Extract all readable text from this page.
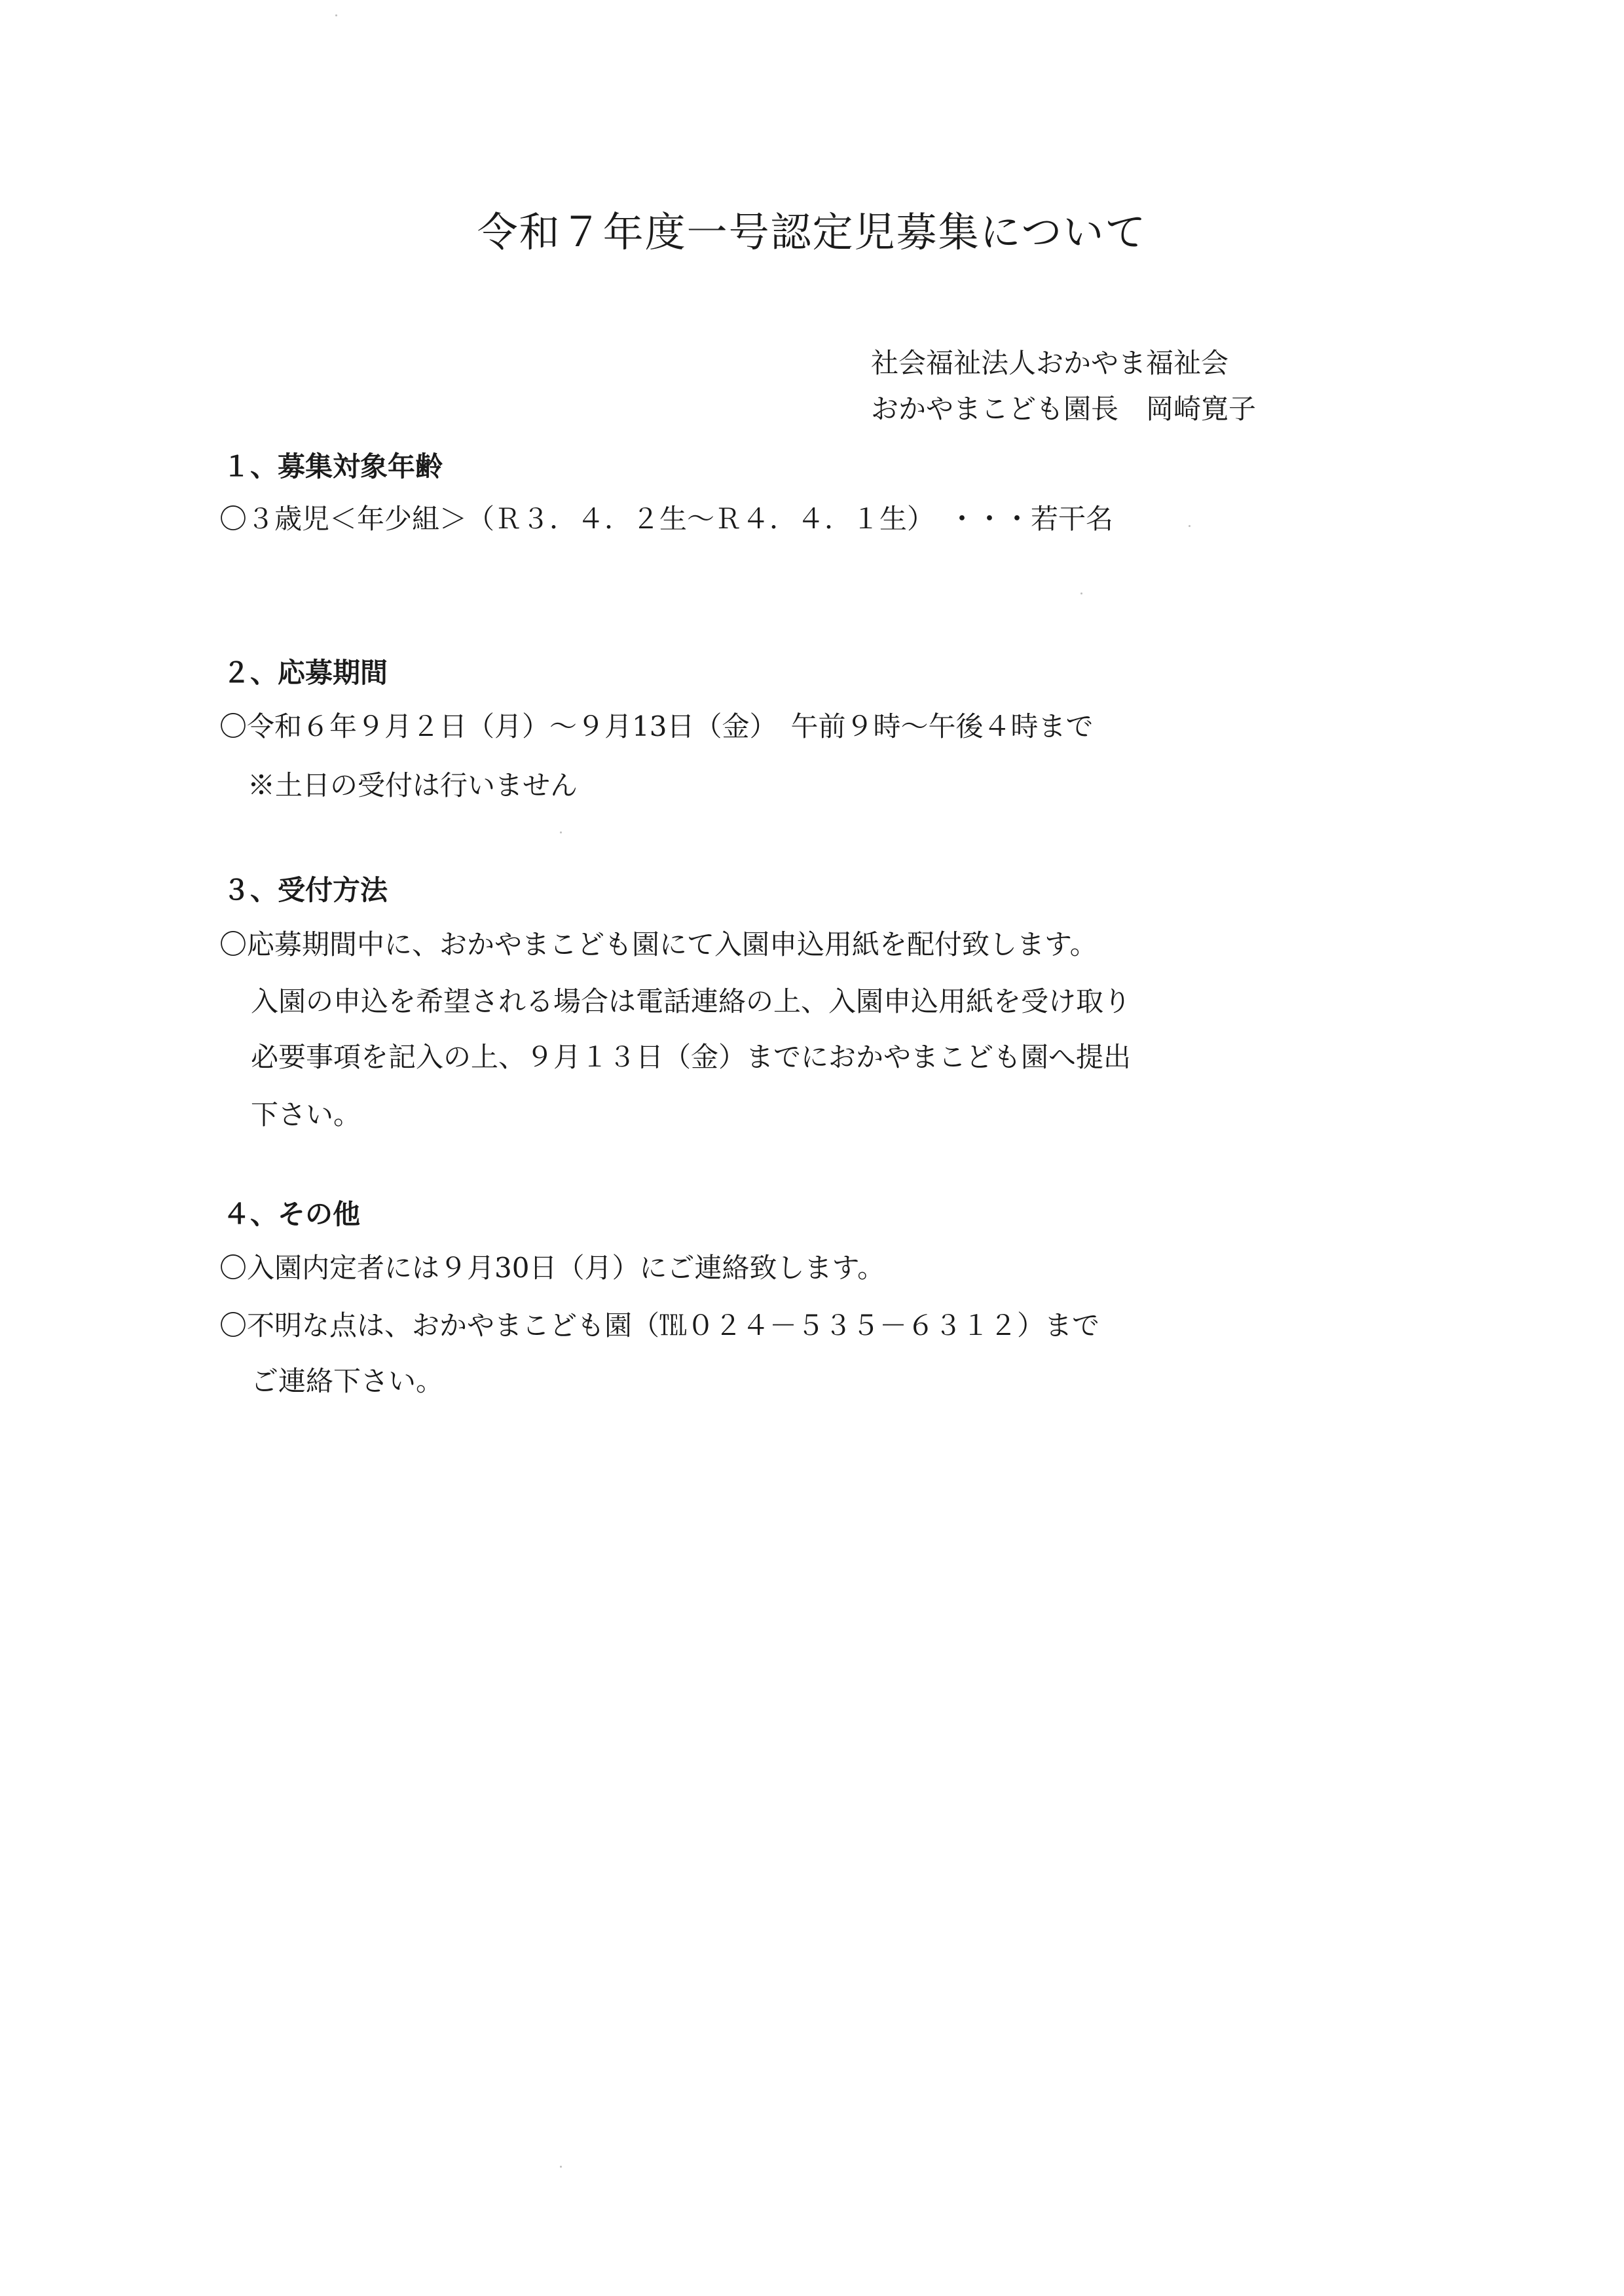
令和７年度一号認定児募集について
社会福祉法人おかやま福祉会
おかやまこども園長　岡崎寛子
１、募集対象年齢
〇３歳児＜年少組＞（Ｒ３．４．２生〜Ｒ４．４．１生）　・・・若干名
２、応募期間
〇令和６年９月２日（月）〜９月13日（金）　午前９時〜午後４時まで
※土日の受付は行いません
３、受付方法
〇応募期間中に、おかやまこども園にて入園申込用紙を配付致します。
入園の申込を希望される場合は電話連絡の上、入園申込用紙を受け取り
必要事項を記入の上、９月１３日（金）までにおかやまこども園へ提出
下さい。
４、その他
〇入園内定者には９月30日（月）にご連絡致します。
〇不明な点は、おかやまこども園（℡０２４－５３５－６３１２）まで
ご連絡下さい。
